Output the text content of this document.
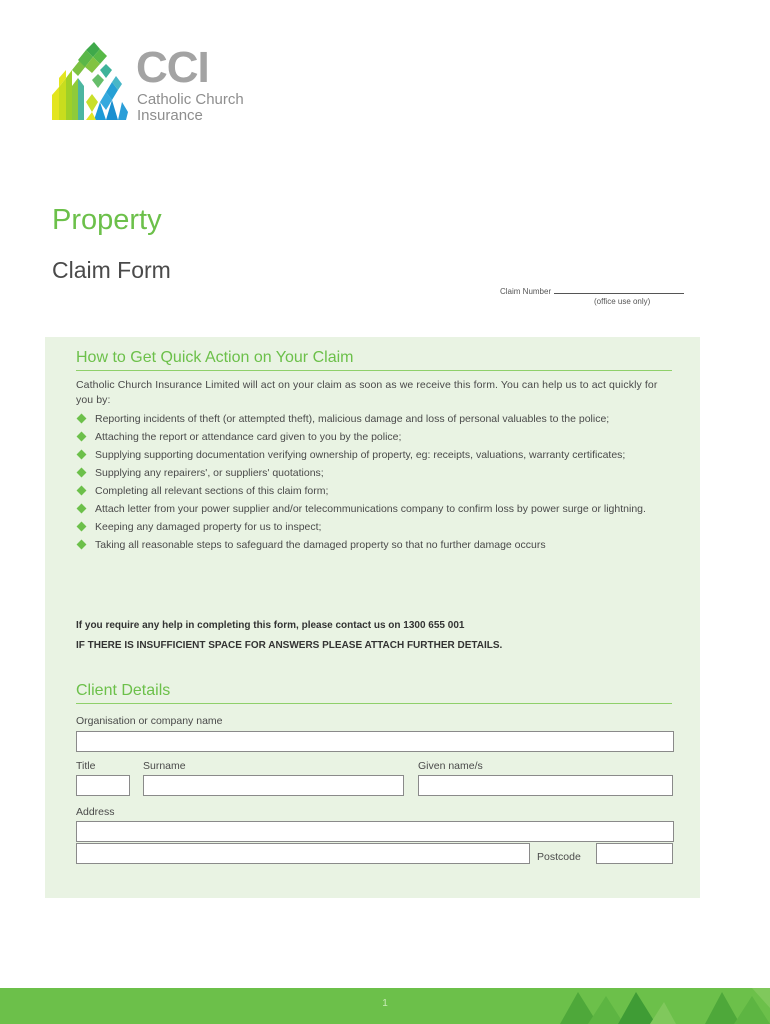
CCI
Catholic Church
Insurance
Property
Claim Form
Claim Number
(office use only)
How to Get Quick Action on Your Claim
Catholic Church Insurance Limited will act on your claim as soon as we receive this form. You can help us to act quickly for you by:
Reporting incidents of theft (or attempted theft), malicious damage and loss of personal valuables to the police;
Attaching the report or attendance card given to you by the police;
Supplying supporting documentation verifying ownership of property, eg: receipts, valuations, warranty certificates;
Supplying any repairers', or suppliers' quotations;
Completing all relevant sections of this claim form;
Attach letter from your power supplier and/or telecommunications company to confirm loss by power surge or lightning.
Keeping any damaged property for us to inspect;
Taking all reasonable steps to safeguard the damaged property so that no further damage occurs
If you require any help in completing this form, please contact us on 1300 655 001
IF THERE IS INSUFFICIENT SPACE FOR ANSWERS PLEASE ATTACH FURTHER DETAILS.
Client Details
Organisation or company name
Title	Surname	Given name/s
Address
Postcode
1
